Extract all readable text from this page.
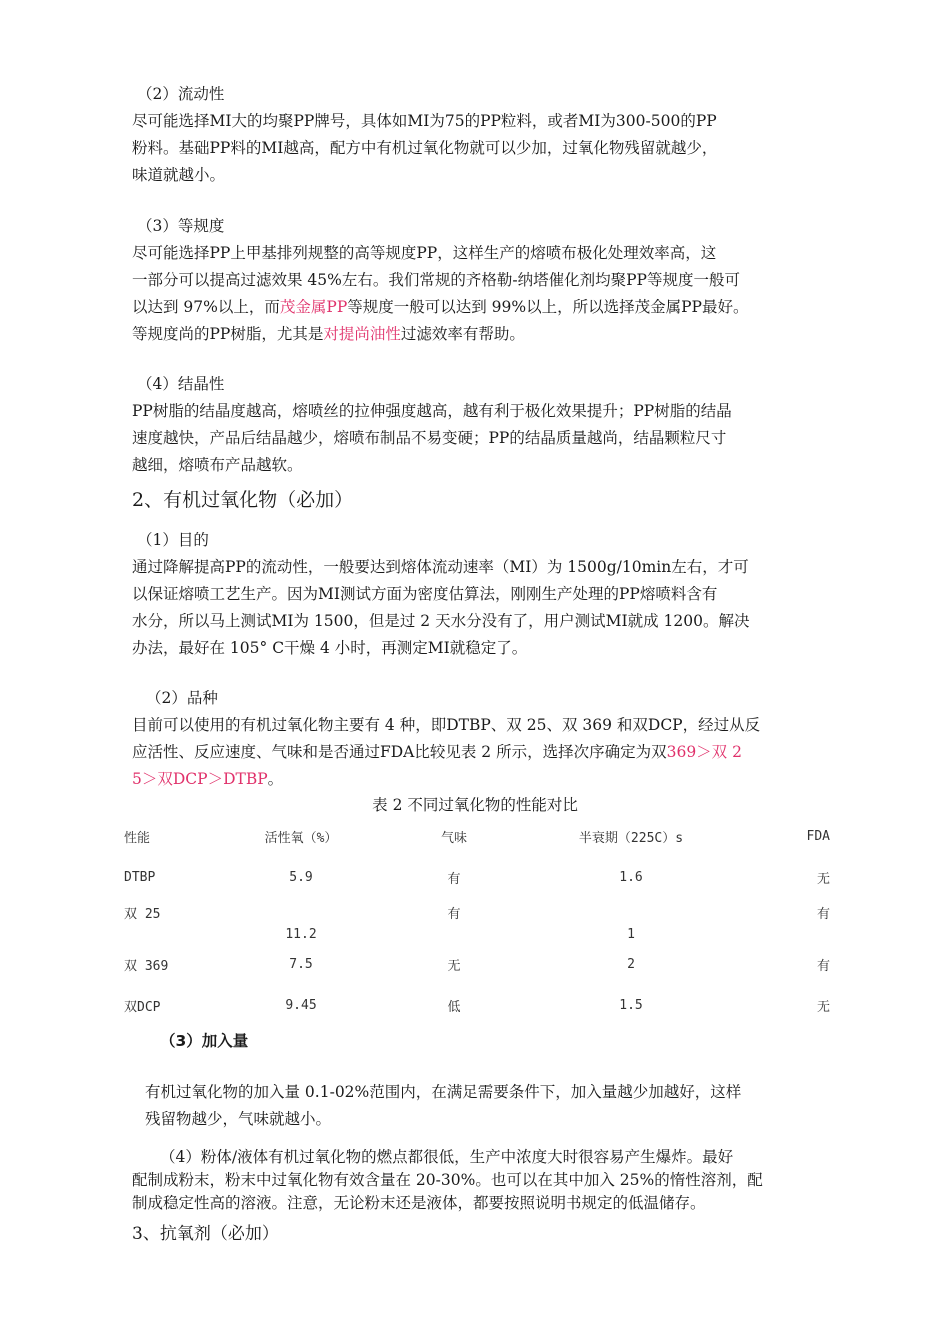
（2）流动性
尽可能选择MI大的均聚PP牌号，具体如MI为75的PP粒料，或者MI为300-500的PP
粉料。基础PP料的MI越高，配方中有机过氧化物就可以少加，过氧化物残留就越少，
味道就越小。
（3）等规度
尽可能选择PP上甲基排列规整的高等规度PP，这样生产的熔喷布极化处理效率高，这
一部分可以提高过滤效果 45%左右。我们常规的齐格勒-纳塔催化剂均聚PP等规度一般可
以达到 97%以上，而茂金属PP等规度一般可以达到 99%以上，所以选择茂金属PP最好。
等规度尚的PP树脂，尤其是对提尚油性过滤效率有帮助。
（4）结晶性
PP树脂的结晶度越高，熔喷丝的拉伸强度越高，越有利于极化效果提升；PP树脂的结晶
速度越快，产品后结晶越少，熔喷布制品不易变硬；PP的结晶质量越尚，结晶颗粒尺寸
越细，熔喷布产品越软。
2、有机过氧化物（必加）
（1）目的
通过降解提高PP的流动性，一般要达到熔体流动速率（MI）为 1500g/10min左右，才可
以保证熔喷工艺生产。因为MI测试方面为密度估算法，刚刚生产处理的PP熔喷料含有
水分，所以马上测试MI为 1500，但是过 2 天水分没有了，用户测试MI就成 1200。解决
办法，最好在 105° C干燥 4 小时，再测定MI就稳定了。
（2）品种
目前可以使用的有机过氧化物主要有 4 种，即DTBP、双 25、双 369 和双DCP，经过从反
应活性、反应速度、气味和是否通过FDA比较见表 2 所示，选择次序确定为双369＞双 2
5＞双DCP＞DTBP。
表 2 不同过氧化物的性能对比
性能	活性氧（%）	气味	半衰期（225C）s	FDA
DTBP	5.9	有	1.6	无
双 25	11.2	有	1	有
双 369	7.5	无	2	有
双DCP	9.45	低	1.5	无
（3）加入量
有机过氧化物的加入量 0.1-02%范围内，在满足需要条件下，加入量越少加越好，这样
残留物越少，气味就越小。
（4）粉体/液体有机过氧化物的燃点都很低，生产中浓度大时很容易产生爆炸。最好
配制成粉末，粉末中过氧化物有效含量在 20-30%。也可以在其中加入 25%的惰性溶剂，配
制成稳定性高的溶液。注意，无论粉末还是液体，都要按照说明书规定的低温储存。
3、抗氧剂（必加）
